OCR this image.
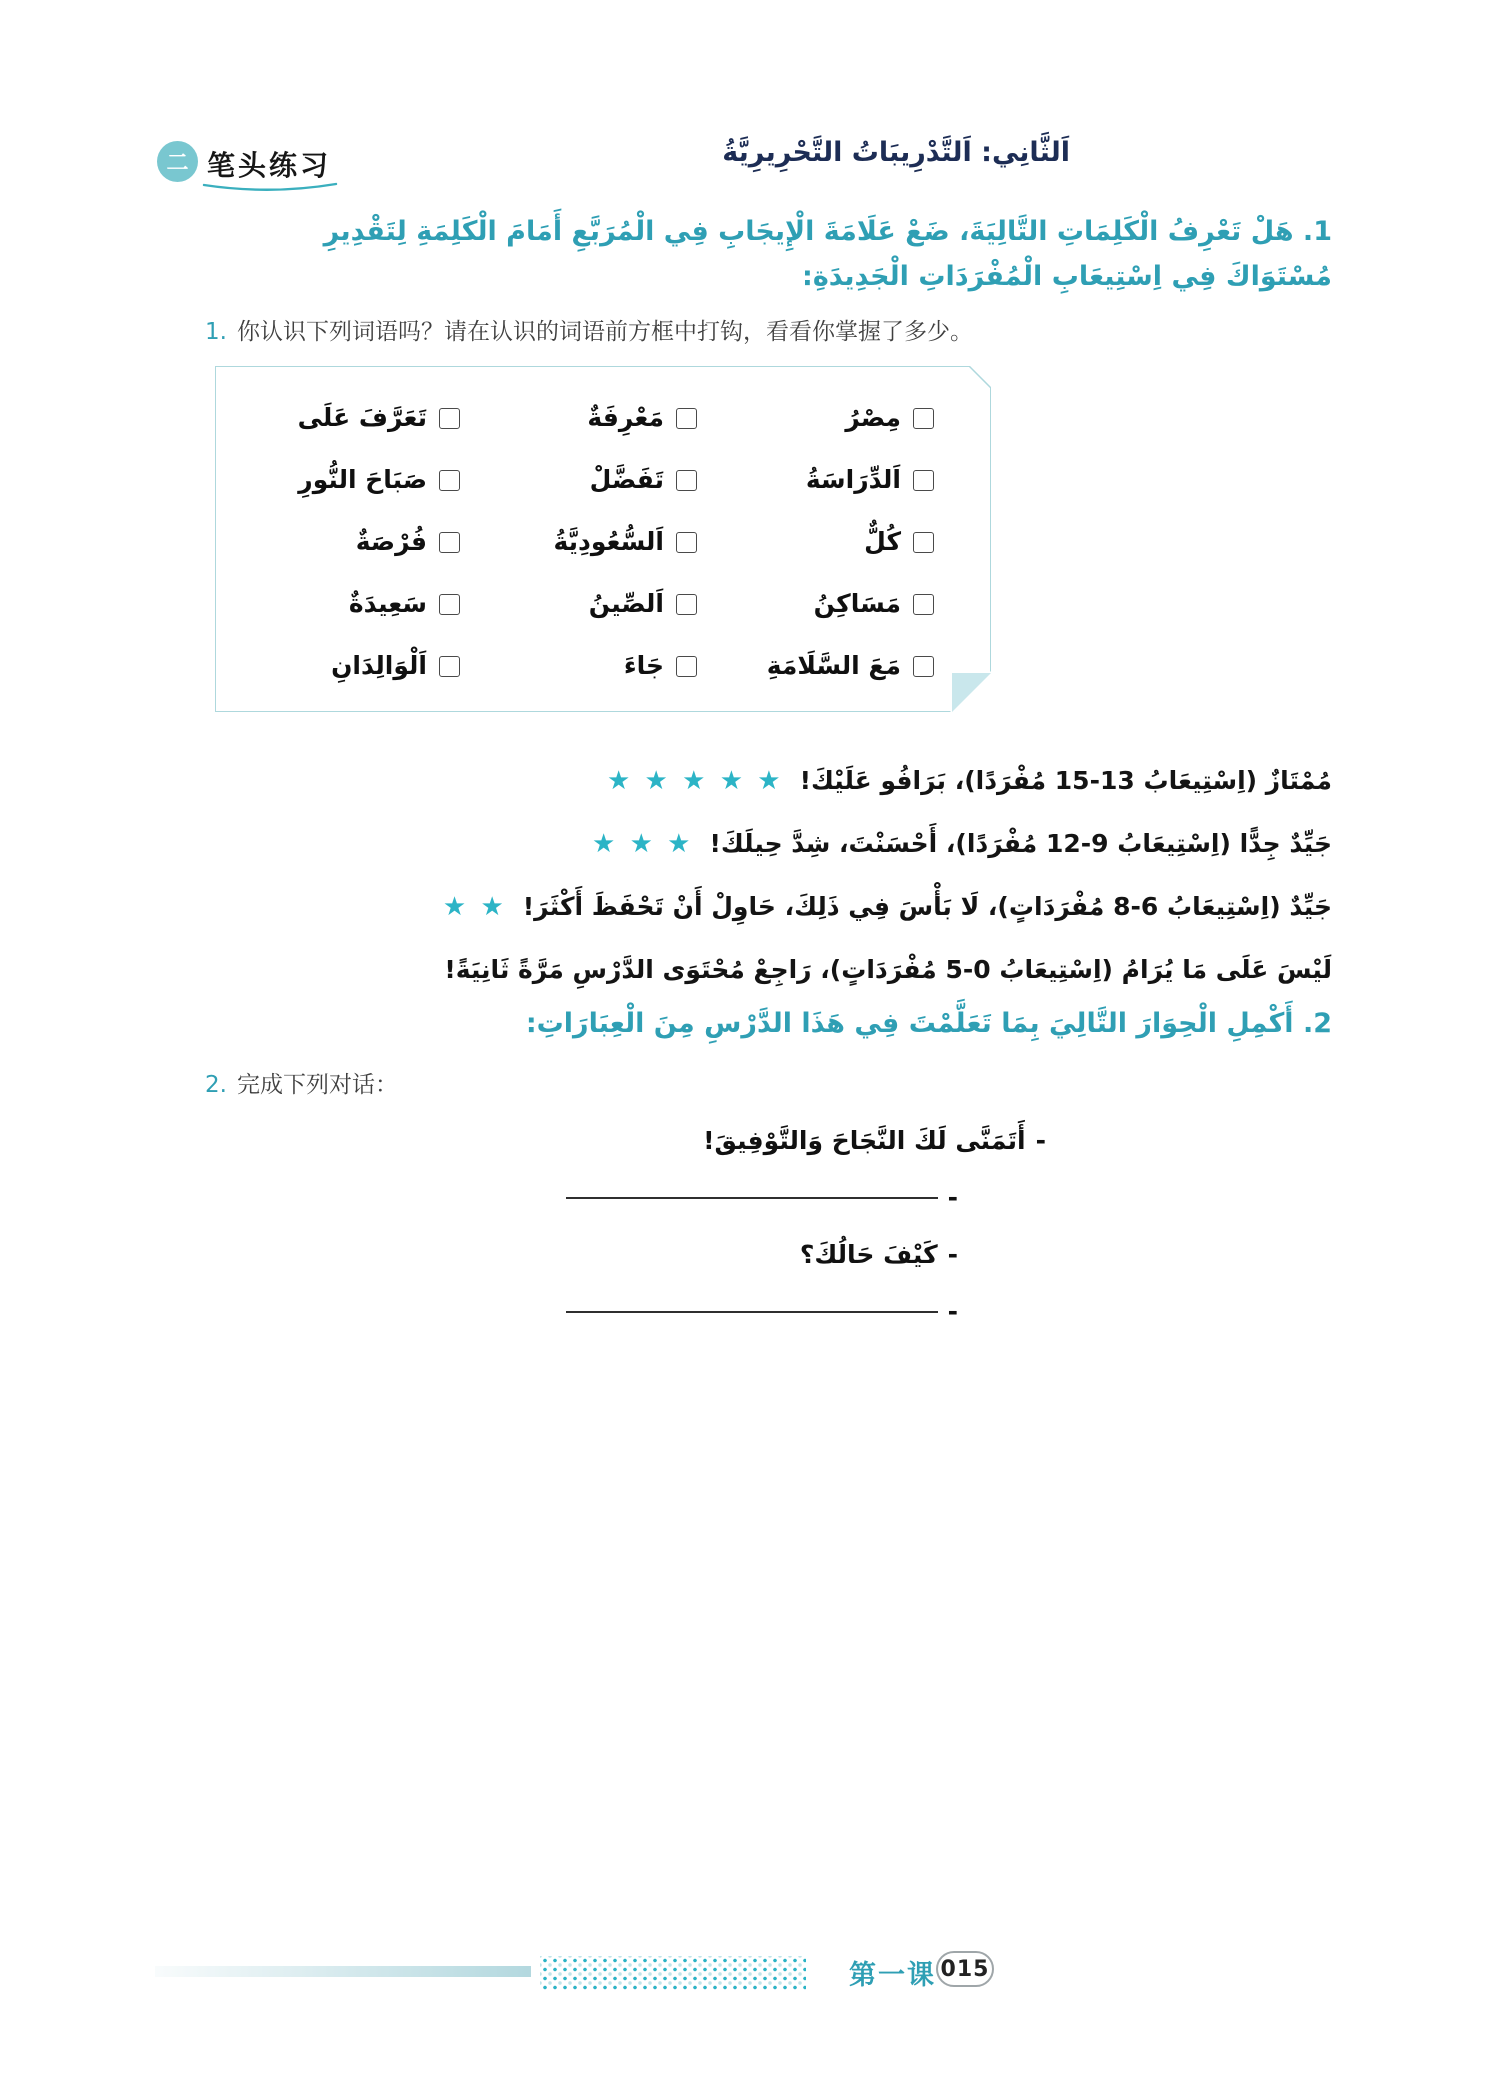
二 笔头练习	اَلثَّانِي: اَلتَّدْرِيبَاتُ التَّحْرِيرِيَّةُ
1. هَلْ تَعْرِفُ الْكَلِمَاتِ التَّالِيَةَ، ضَعْ عَلَامَةَ الْإِيجَابِ فِي الْمُرَبَّعِ أَمَامَ الْكَلِمَةِ لِتَقْدِيرِ مُسْتَوَاكَ فِي اِسْتِيعَابِ الْمُفْرَدَاتِ الْجَدِيدَةِ:
1. 你认识下列词语吗？请在认识的词语前方框中打钩，看看你掌握了多少。
مِصْرُ
مَعْرِفَةٌ
تَعَرَّفَ عَلَى
اَلدِّرَاسَةُ
تَفَضَّلْ
صَبَاحَ النُّورِ
كُلٌّ
اَلسُّعُودِيَّةُ
فُرْصَةٌ
مَسَاكِنُ
اَلصِّينُ
سَعِيدَةٌ
مَعَ السَّلَامَةِ
جَاءَ
اَلْوَالِدَانِ
مُمْتَازٌ (اِسْتِيعَابُ 13-15 مُفْرَدًا)، بَرَافُو عَلَيْكَ!
★ ★ ★ ★ ★
جَيِّدٌ جِدًّا (اِسْتِيعَابُ 9-12 مُفْرَدًا)، أَحْسَنْتَ، شِدَّ حِيلَكَ!
★ ★ ★
جَيِّدٌ (اِسْتِيعَابُ 6-8 مُفْرَدَاتٍ)، لَا بَأْسَ فِي ذَلِكَ، حَاوِلْ أَنْ تَحْفَظَ أَكْثَرَ!
★ ★
لَيْسَ عَلَى مَا يُرَامُ (اِسْتِيعَابُ 0-5 مُفْرَدَاتٍ)، رَاجِعْ مُحْتَوَى الدَّرْسِ مَرَّةً ثَانِيَةً!
2. أَكْمِلِ الْحِوَارَ التَّالِيَ بِمَا تَعَلَّمْتَ فِي هَذَا الدَّرْسِ مِنَ الْعِبَارَاتِ:
2. 完成下列对话：
-
أَتَمَنَّى لَكَ النَّجَاحَ وَالتَّوْفِيقَ!
-
-
كَيْفَ حَالُكَ؟
-
第一课 015
